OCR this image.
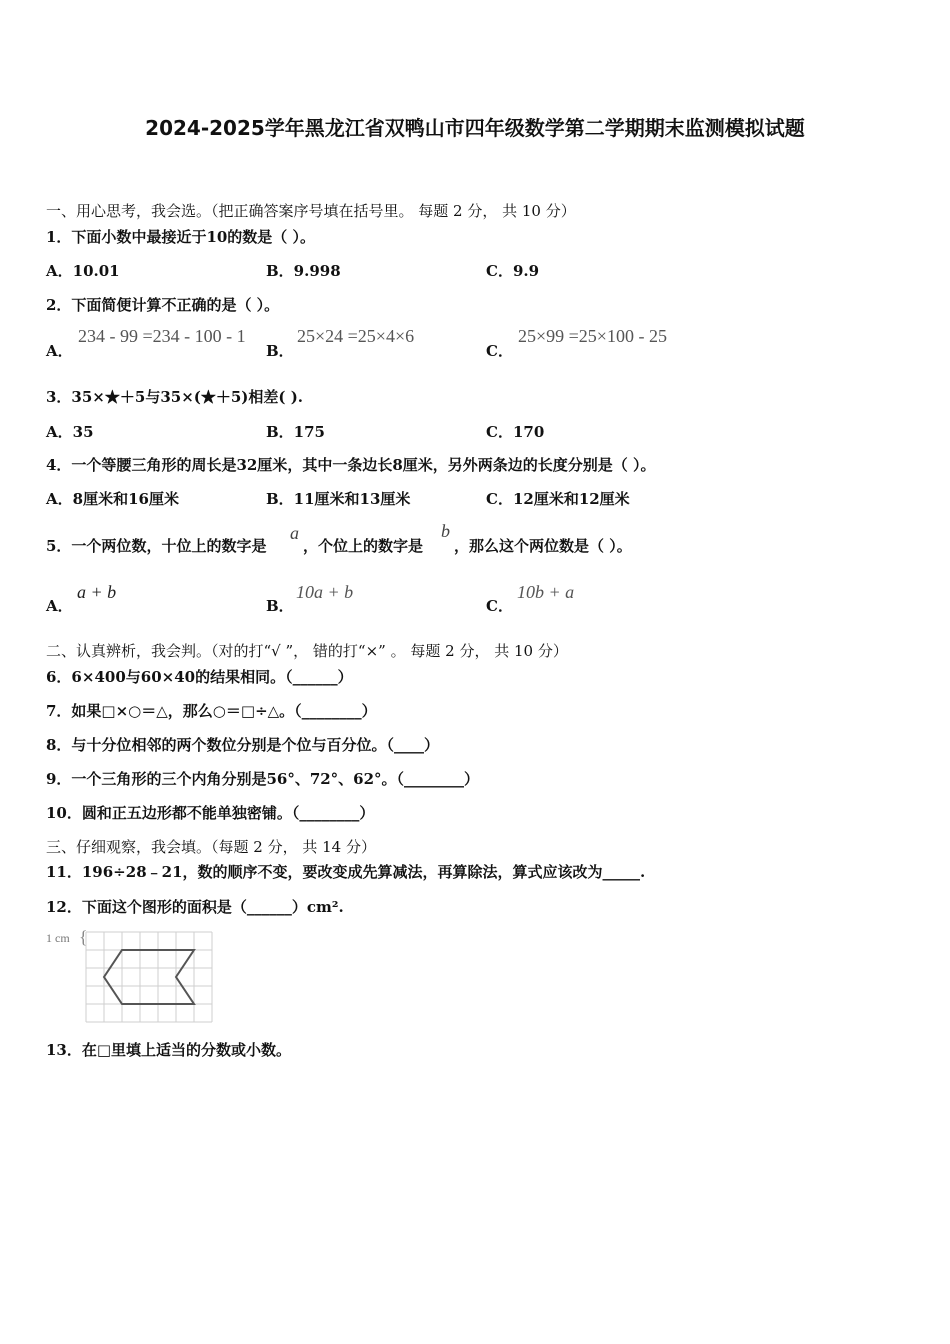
2024-2025学年黑龙江省双鸭山市四年级数学第二学期期末监测模拟试题
一、用心思考，我会选。（把正确答案序号填在括号里。 每题 2 分， 共 10 分）
1．下面小数中最接近于10的数是（ ）。
A．10.01	B．9.998	C．9.9
2．下面简便计算不正确的是（ ）。
A．
234 - 99 =234 - 100 - 1
B．
25×24 =25×4×6
C．
25×99 =25×100 - 25
3．35×★＋5与35×(★＋5)相差( ).
A．35	B．175	C．170
4．一个等腰三角形的周长是32厘米，其中一条边长8厘米，另外两条边的长度分别是（ ）。
A．8厘米和16厘米	B．11厘米和13厘米	C．12厘米和12厘米
5．一个两位数，十位上的数字是
a
，个位上的数字是
b
，那么这个两位数是（ ）。
A．
a + b
B．
10a + b
C．
10b + a
二、认真辨析，我会判。（对的打“√ ”， 错的打“×” 。 每题 2 分， 共 10 分）
6．6×400与60×40的结果相同。（______）
7．如果□×○＝△，那么○＝□÷△。（________）
8．与十分位相邻的两个数位分别是个位与百分位。（____）
9．一个三角形的三个内角分别是56°、72°、62°。（________）
10．圆和正五边形都不能单独密铺。（________）
三、仔细观察，我会填。（每题 2 分， 共 14 分）
11．196÷28﹣21，数的顺序不变，要改变成先算减法，再算除法，算式应该改为_____.
12．下面这个图形的面积是（______）cm².
1 cm {
13．在□里填上适当的分数或小数。
